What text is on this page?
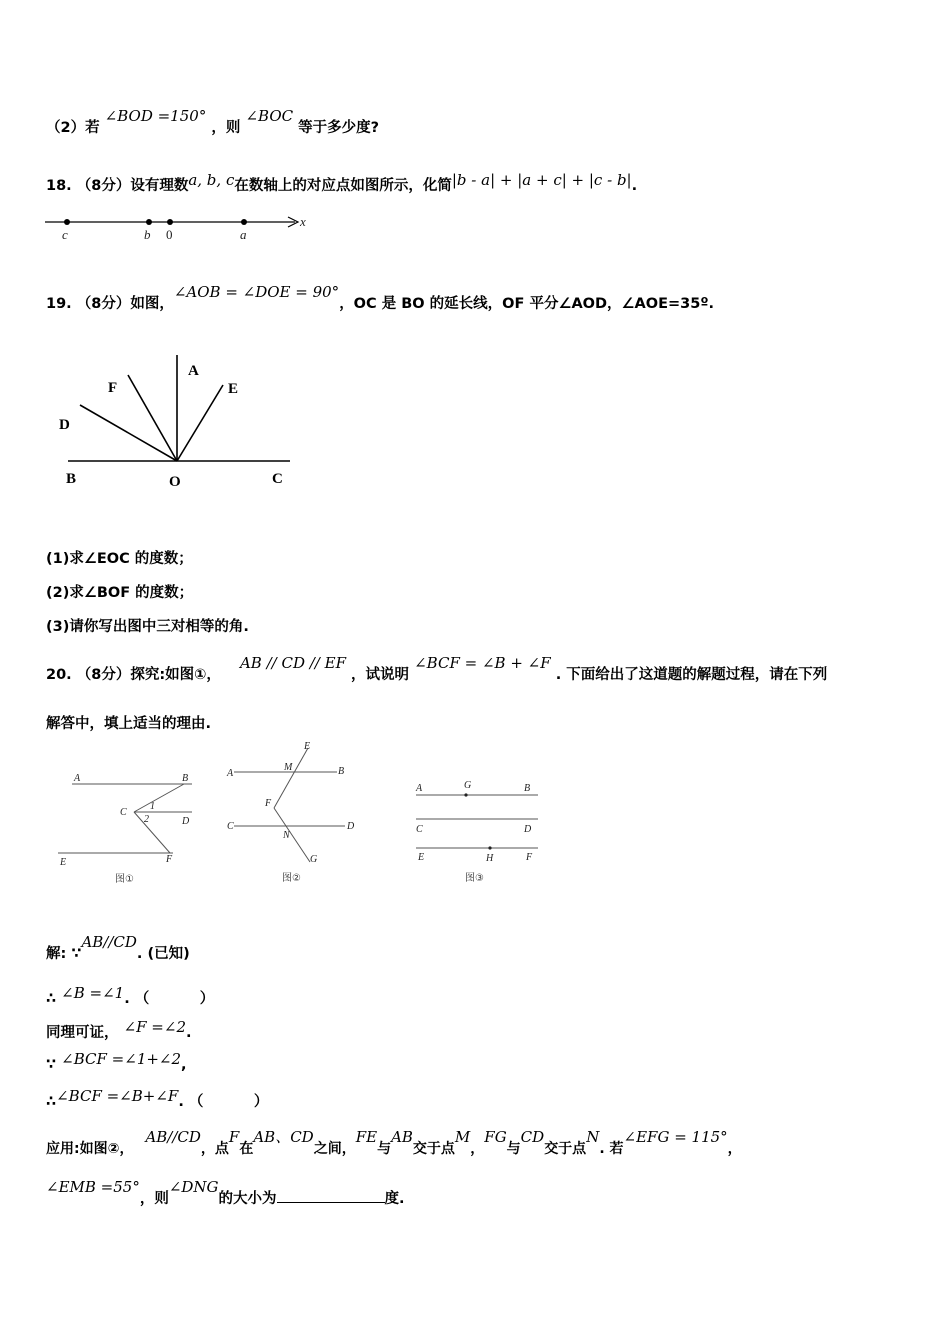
（2）若 ∠BOD =150° ，则 ∠BOC 等于多少度?
18. （8分）设有理数a, b, c在数轴上的对应点如图所示，化简|b - a| + |a + c| + |c - b|.
c	b 0	a
x
19. （8分）如图，∠AOB = ∠DOE = 90°，OC 是 BO 的延长线，OF 平分∠AOD，∠AOE=35º.
A
F	E
D
B	O	C
(1)求∠EOC 的度数；
(2)求∠BOF 的度数；
(3)请你写出图中三对相等的角.
20. （8分）探究:如图①， AB // CD // EF ，试说明 ∠BCF = ∠B + ∠F . 下面给出了这道题的解题过程，请在下列
解答中，填上适当的理由.
A	B
C
1
2	D
E	F
图①
E
M
A	B
F
C
N
D
G
图②
A	G	B
C	D
E	H	F
图③
解: ∵AB//CD. (已知)
∴ ∠B =∠1. （          ）
同理可证， ∠F =∠2.
∵ ∠BCF =∠1+∠2,
∴∠BCF =∠B+∠F. （          ）
应用:如图②，AB//CD，点F在AB、CD之间，FE与AB交于点M，FG与CD交于点N. 若∠EFG = 115°，
∠EMB =55°，则∠DNG的大小为	度.
